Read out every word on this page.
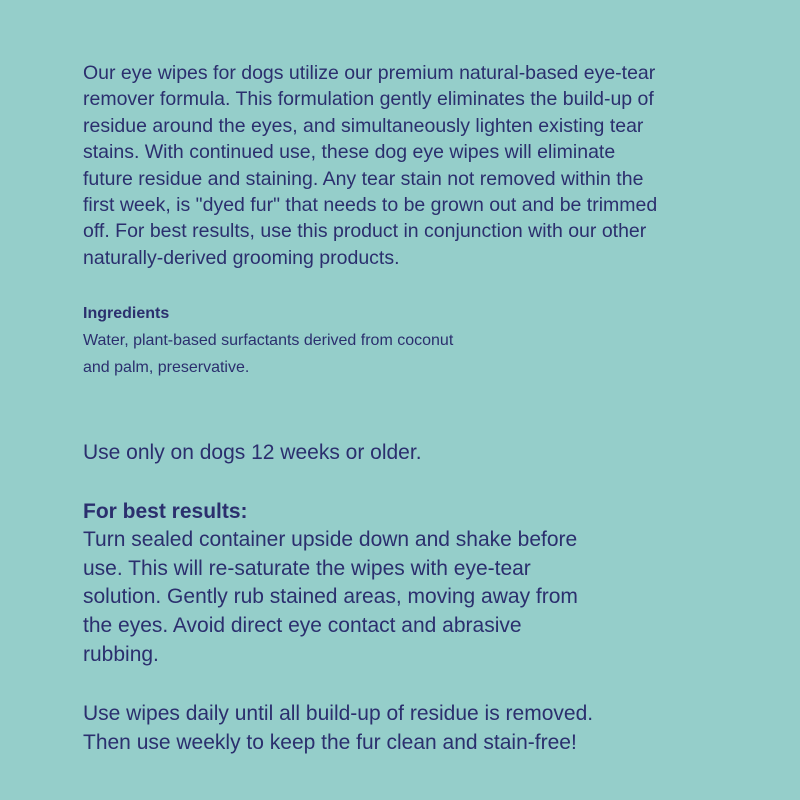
Our eye wipes for dogs utilize our premium natural-based eye-tear

remover formula. This formulation gently eliminates the build-up of

residue around the eyes, and simultaneously lighten existing tear

stains. With continued use, these dog eye wipes will eliminate

future residue and staining. Any tear stain not removed within the

first week, is "dyed fur" that needs to be grown out and be trimmed

off. For best results, use this product in conjunction with our other

naturally-derived grooming products.

Ingredients

Water, plant-based surfactants derived from coconut

and palm, preservative.

Use only on dogs 12 weeks or older.

For best results:

Turn sealed container upside down and shake before

use. This will re-saturate the wipes with eye-tear

solution. Gently rub stained areas, moving away from

the eyes. Avoid direct eye contact and abrasive

rubbing.

Use wipes daily until all build-up of residue is removed.

Then use weekly to keep the fur clean and stain-free!
